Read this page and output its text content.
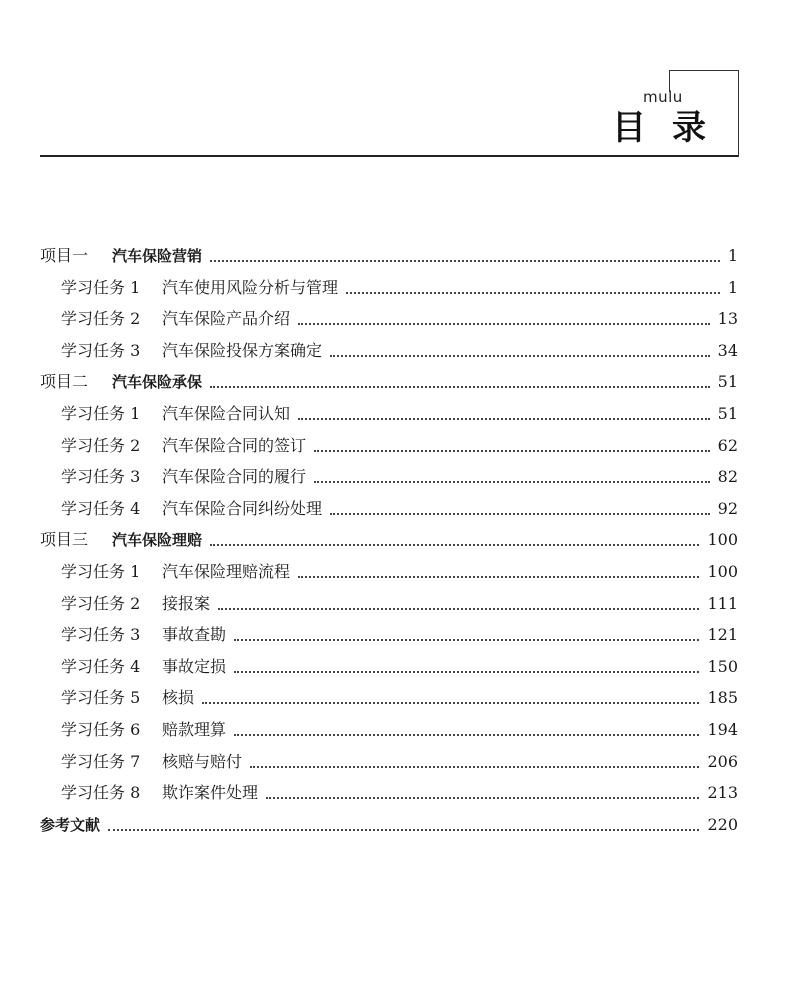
mulu
目录
项目一	汽车保险营销	1
学习任务 1	汽车使用风险分析与管理	1
学习任务 2	汽车保险产品介绍	13
学习任务 3	汽车保险投保方案确定	34
项目二	汽车保险承保	51
学习任务 1	汽车保险合同认知	51
学习任务 2	汽车保险合同的签订	62
学习任务 3	汽车保险合同的履行	82
学习任务 4	汽车保险合同纠纷处理	92
项目三	汽车保险理赔	100
学习任务 1	汽车保险理赔流程	100
学习任务 2	接报案	111
学习任务 3	事故查勘	121
学习任务 4	事故定损	150
学习任务 5	核损	185
学习任务 6	赔款理算	194
学习任务 7	核赔与赔付	206
学习任务 8	欺诈案件处理	213
参考文献	220
